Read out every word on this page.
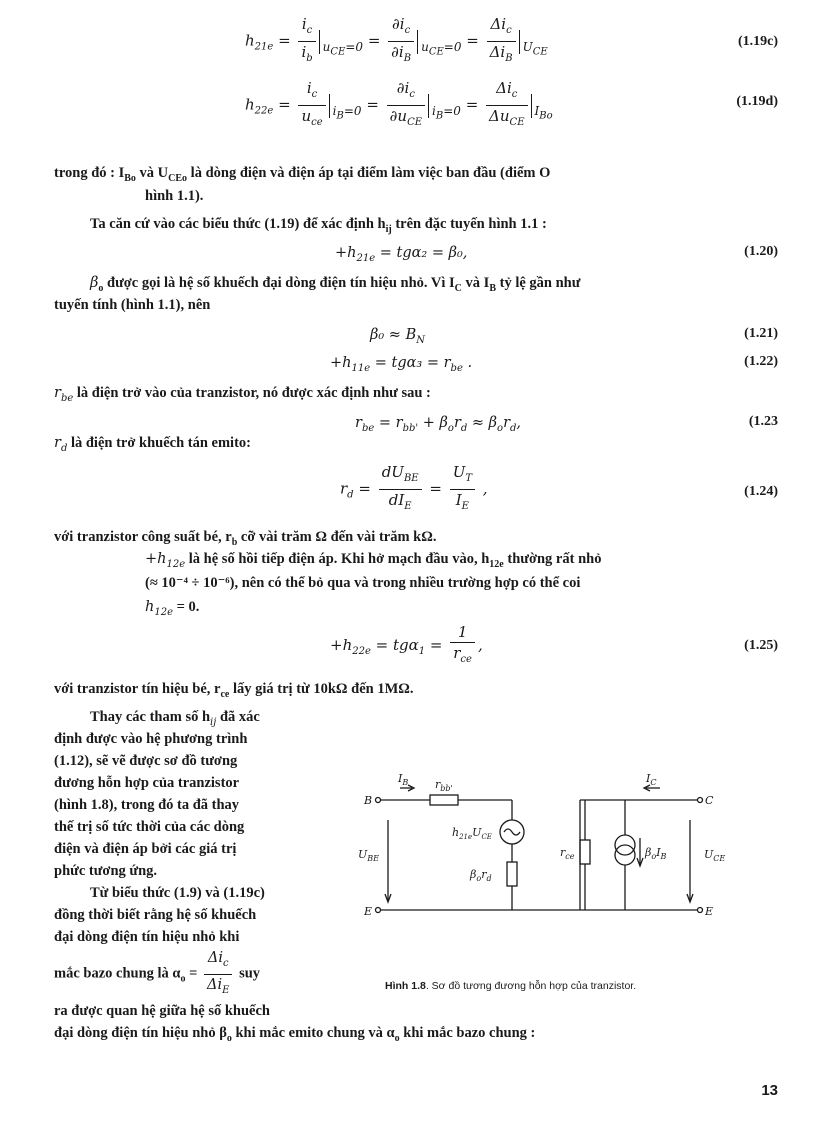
$h_{21e} = \frac{i_c}{i_b} u_{CE}=0 = \frac{\partial i_c}{\partial i_B} u_{CE}=0 = \frac{\Delta i_c}{\Delta i_B} U_{CE}$
(1.19c)
$h_{22e} = \frac{i_c}{u_{ce}} i_B=0 = \frac{\partial i_c}{\partial u_{CE}} i_B=0 = \frac{\Delta i_c}{\Delta u_{CE}} I_{Bo}$
(1.19d)
trong đó : $I_{Bo}$ và $U_{CEo}$ là dòng điện và điện áp tại điểm làm việc ban đầu (điểm O
hình 1.1).
Ta căn cứ vào các biểu thức (1.19) để xác định $h_{ij}$ trên đặc tuyến hình 1.1 :
$+h_{21e} = tg\alpha_2 = \beta_0$,	(1.20)
$\beta_o$ được gọi là hệ số khuếch đại dòng điện tín hiệu nhỏ. Vì $I_C$ và $I_B$ tỷ lệ gần như
tuyến tính (hình 1.1), nên
$\beta_0 \approx B_N$	(1.21)
$+h_{11e} = tg\alpha_3 = r_{be}$ .	(1.22)
$r_{be}$ là điện trở vào của tranzistor, nó được xác định như sau :
$r_{be} = r_{bb'} + \beta_or_d \approx \beta_or_d$,	(1.23
$r_d$ là điện trở khuếch tán emito:
$r_d = \frac{dU_{BE}}{dI_E} = \frac{U_T}{I_E}$ ,	(1.24)
với tranzistor công suất bé, $r_b$ cỡ vài trăm Ω đến vài trăm kΩ.
$+h_{12e}$ là hệ số hồi tiếp điện áp. Khi hở mạch đầu vào, $h_{12e}$ thường rất nhỏ
(≈ 10⁻⁴ ÷ 10⁻⁶), nên có thể bỏ qua và trong nhiều trường hợp có thể coi
$h_{12e} = 0$.
$+h_{22e} = tg\alpha_1 = \frac{1}{r_{ce}}$ ,	(1.25)
với tranzistor tín hiệu bé, $r_{ce}$ lấy giá trị từ 10kΩ đến 1MΩ.
Thay các tham số $h_{ij}$ đã xác
định được vào hệ phương trình
(1.12), sẽ vẽ được sơ đồ tương
đương hỗn hợp của tranzistor
(hình 1.8), trong đó ta đã thay
thế trị số tức thời của các dòng
điện và điện áp bởi các giá trị
phức tương ứng.
Từ biểu thức (1.9) và (1.19c)
đồng thời biết rằng hệ số khuếch
đại dòng điện tín hiệu nhỏ khi
mắc bazo chung là $\alpha_o = \frac{\Delta i_c}{\Delta i_E}$ suy
ra được quan hệ giữa hệ số khuếch
đại dòng điện tín hiệu nhỏ $\beta_o$ khi mắc emito chung và $\alpha_o$ khi mắc bazo chung :
B
E
C
E
$I_B$ $r_{bb'}$
$I_C$
$U_{BE}$	$U_{CE}$
$h_{21e}U_{CE}$
$\beta_or_d$
$r_{ce}$	$\beta_oI_B$
Hình 1.8. Sơ đồ tương đương hỗn hợp của tranzistor.
13
